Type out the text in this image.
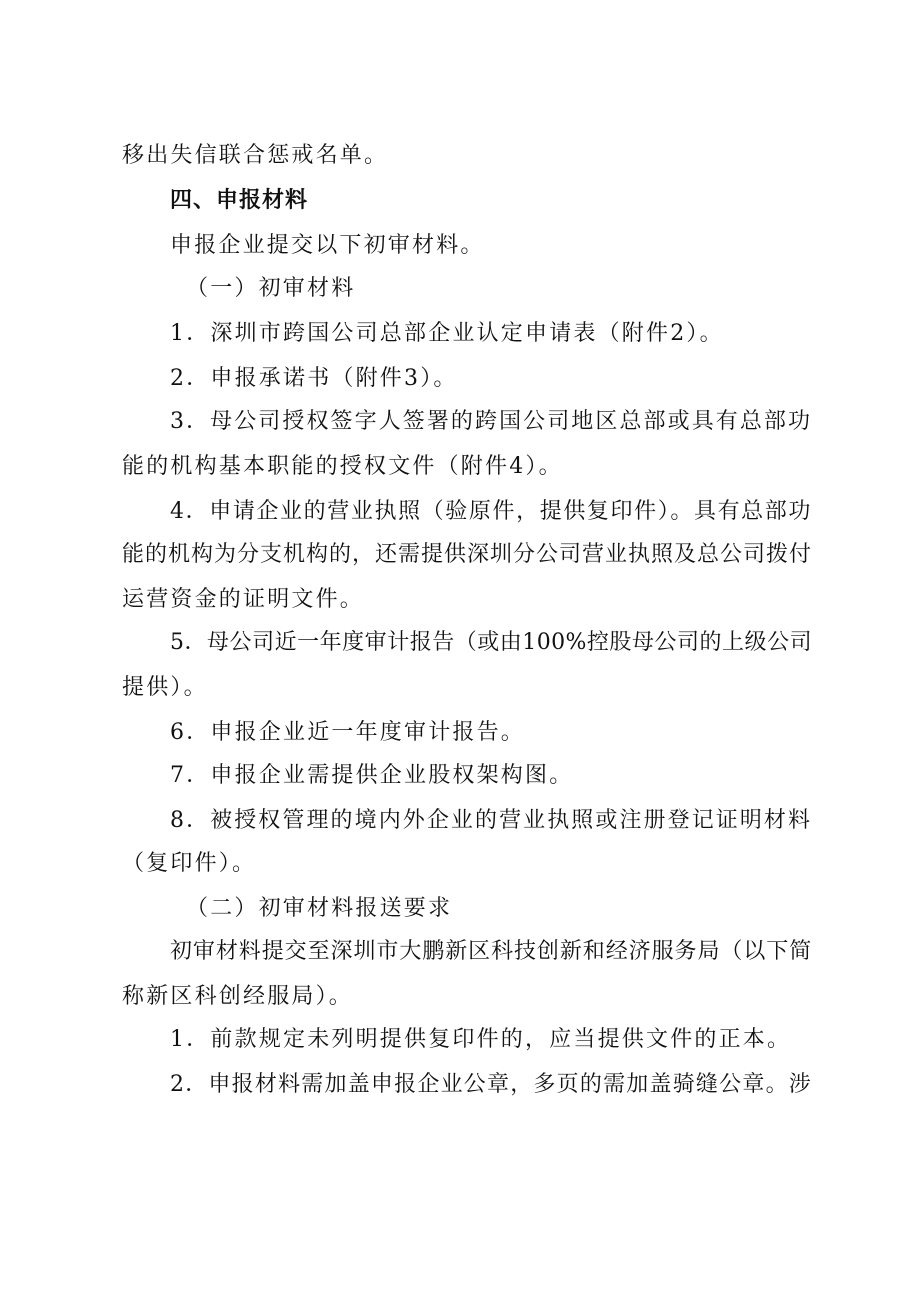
移出失信联合惩戒名单。
四、申报材料
申报企业提交以下初审材料。
（一）初审材料
1．深圳市跨国公司总部企业认定申请表（附件2）。
2．申报承诺书（附件3）。
3．母公司授权签字人签署的跨国公司地区总部或具有总部功
能的机构基本职能的授权文件（附件4）。
4．申请企业的营业执照（验原件，提供复印件）。具有总部功
能的机构为分支机构的，还需提供深圳分公司营业执照及总公司拨付
运营资金的证明文件。
5．母公司近一年度审计报告（或由100%控股母公司的上级公司
提供）。
6．申报企业近一年度审计报告。
7．申报企业需提供企业股权架构图。
8．被授权管理的境内外企业的营业执照或注册登记证明材料
（复印件）。
（二）初审材料报送要求
初审材料提交至深圳市大鹏新区科技创新和经济服务局（以下简
称新区科创经服局）。
1．前款规定未列明提供复印件的，应当提供文件的正本。
2．申报材料需加盖申报企业公章，多页的需加盖骑缝公章。涉
